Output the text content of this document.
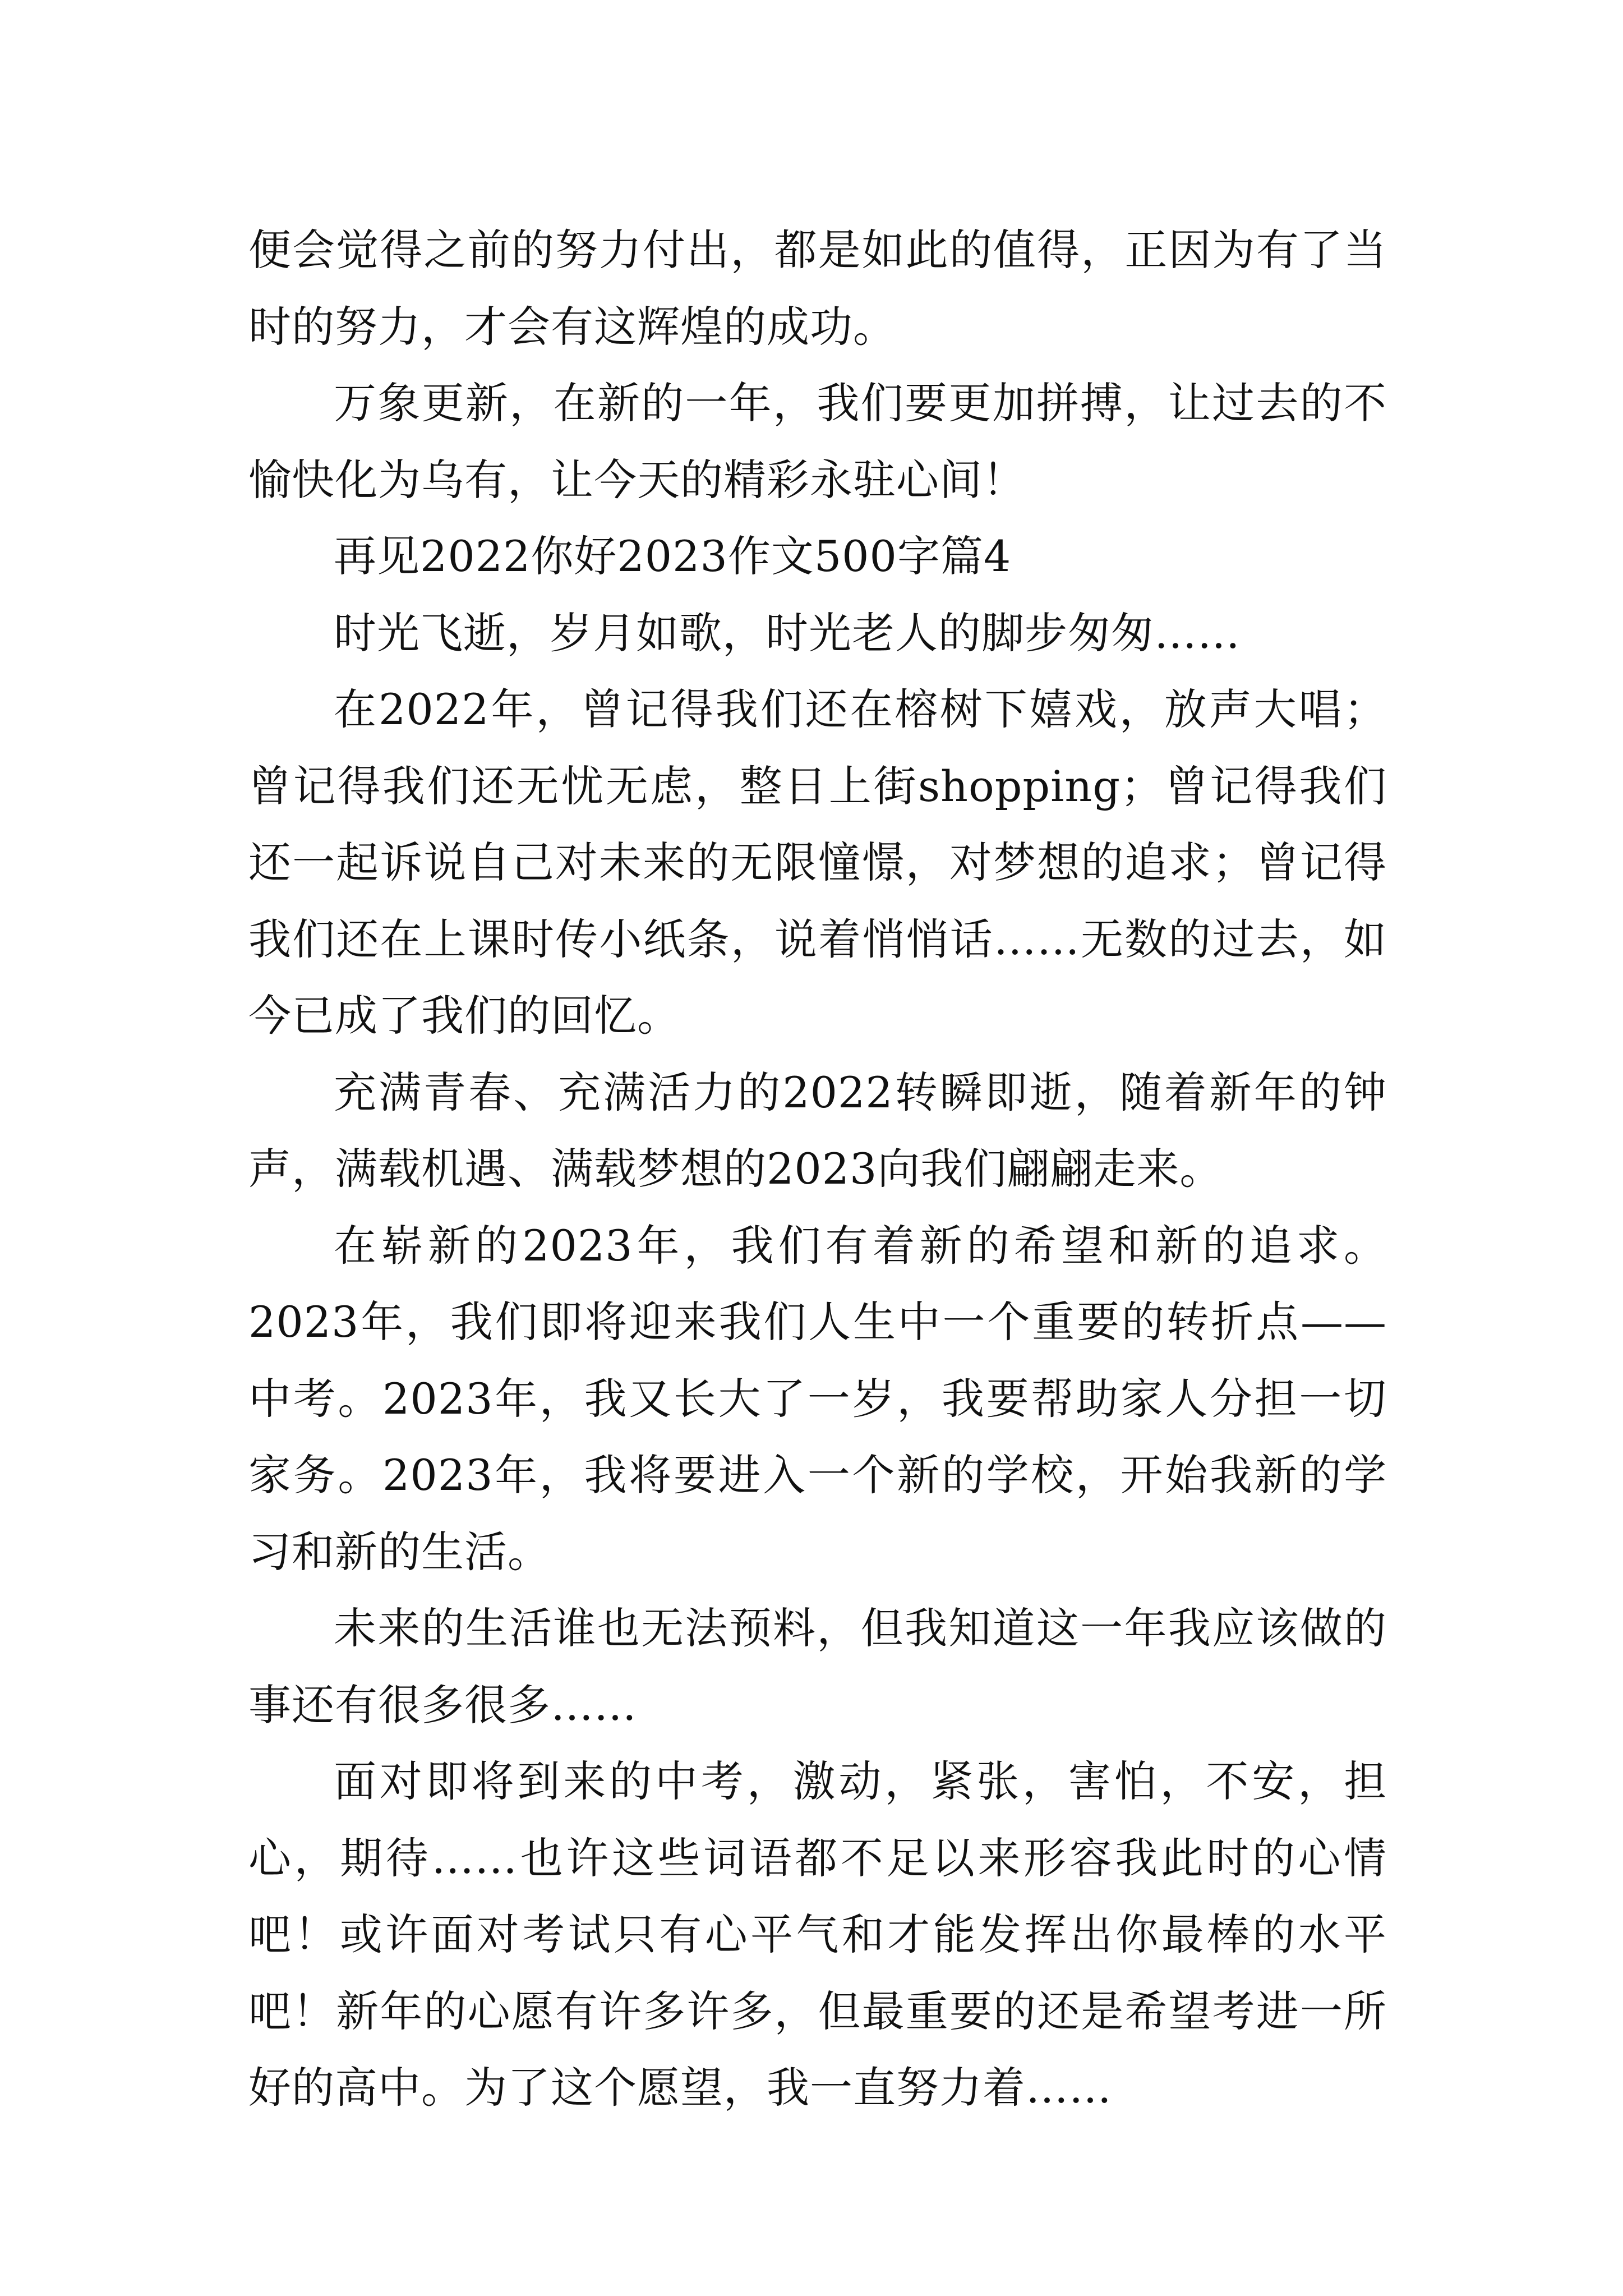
便会觉得之前的努力付出，都是如此的值得，正因为有了当时的努力，才会有这辉煌的成功。

万象更新，在新的一年，我们要更加拼搏，让过去的不愉快化为乌有，让今天的精彩永驻心间！

再见2022你好2023作文500字篇4

时光飞逝，岁月如歌，时光老人的脚步匆匆……

在2022年，曾记得我们还在榕树下嬉戏，放声大唱；曾记得我们还无忧无虑，整日上街shopping；曾记得我们还一起诉说自己对未来的无限憧憬，对梦想的追求；曾记得我们还在上课时传小纸条，说着悄悄话……无数的过去，如今已成了我们的回忆。

充满青春、充满活力的2022转瞬即逝，随着新年的钟声，满载机遇、满载梦想的2023向我们翩翩走来。

在崭新的2023年，我们有着新的希望和新的追求。2023年，我们即将迎来我们人生中一个重要的转折点——中考。2023年，我又长大了一岁，我要帮助家人分担一切家务。2023年，我将要进入一个新的学校，开始我新的学习和新的生活。

未来的生活谁也无法预料，但我知道这一年我应该做的事还有很多很多……

面对即将到来的中考，激动，紧张，害怕，不安，担心，期待……也许这些词语都不足以来形容我此时的心情吧！或许面对考试只有心平气和才能发挥出你最棒的水平吧！新年的心愿有许多许多，但最重要的还是希望考进一所好的高中。为了这个愿望，我一直努力着……
